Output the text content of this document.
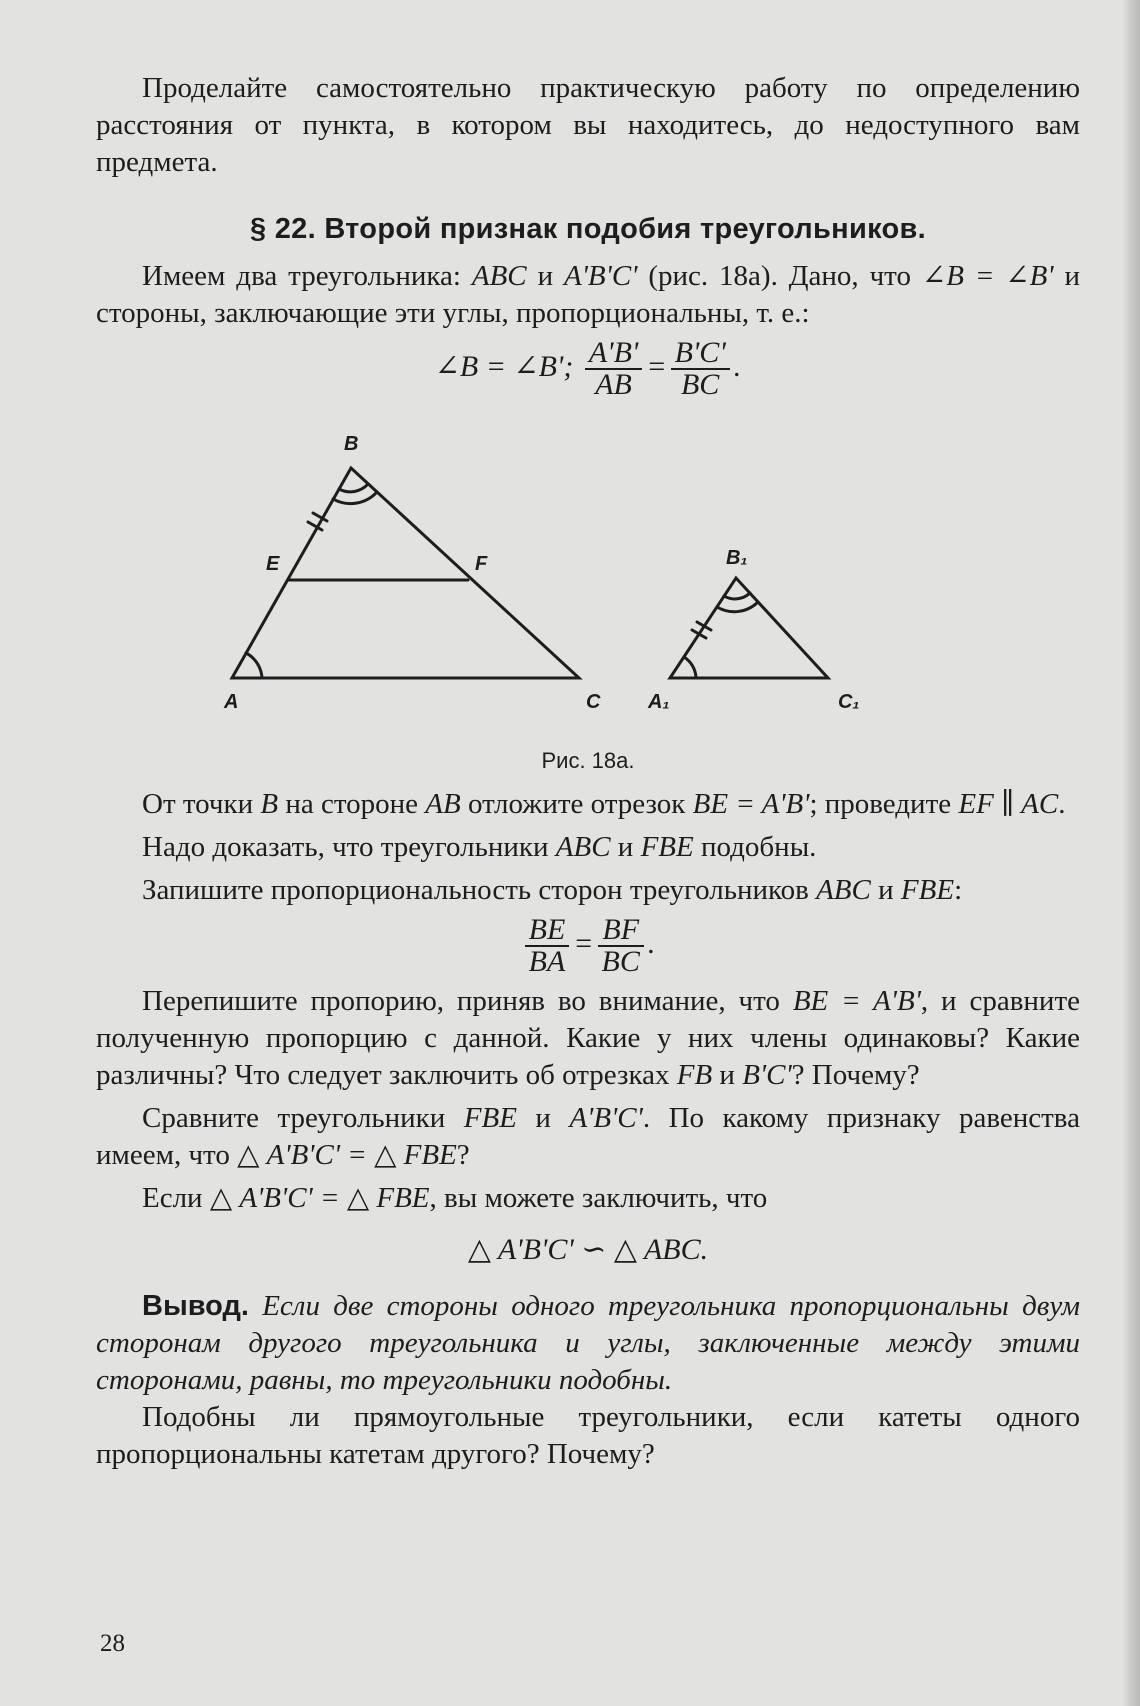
Проделайте самостоятельно практическую работу по определению расстояния от пункта, в котором вы находитесь, до недоступного вам предмета.

§ 22. Второй признак подобия треугольников.

Имеем два треугольника: ABC и A'B'C' (рис. 18а). Дано, что ∠B = ∠B' и стороны, заключающие эти углы, пропорциональны, т. е.:

∠B = ∠B'; $\frac{A'B'}{AB} = \frac{B'C'}{BC}$ .
B
E	F
A	C
B₁
A₁	C₁
Рис. 18а.

От точки B на стороне AB отложите отрезок BE = A'B'; проведите EF ∥ AC.

Надо доказать, что треугольники ABC и FBE подобны.

Запишите пропорциональность сторон треугольников ABC и FBE:

$\frac{BE}{BA} = \frac{BF}{BC}$ .

Перепишите пропорию, приняв во внимание, что BE = A'B', и сравните полученную пропорцию с данной. Какие у них члены одинаковы? Какие различны? Что следует заключить об отрезках FB и B'C'? Почему?

Сравните треугольники FBE и A'B'C'. По какому признаку равенства имеем, что △ A'B'C' = △ FBE?

Если △ A'B'C' = △ FBE, вы можете заключить, что

△ A'B'C' ∽ △ ABC.

Вывод. Если две стороны одного треугольника пропорциональны двум сторонам другого треугольника и углы, заключенные между этими сторонами, равны, то треугольники подобны.

Подобны ли прямоугольные треугольники, если катеты одного пропорциональны катетам другого? Почему?

28
